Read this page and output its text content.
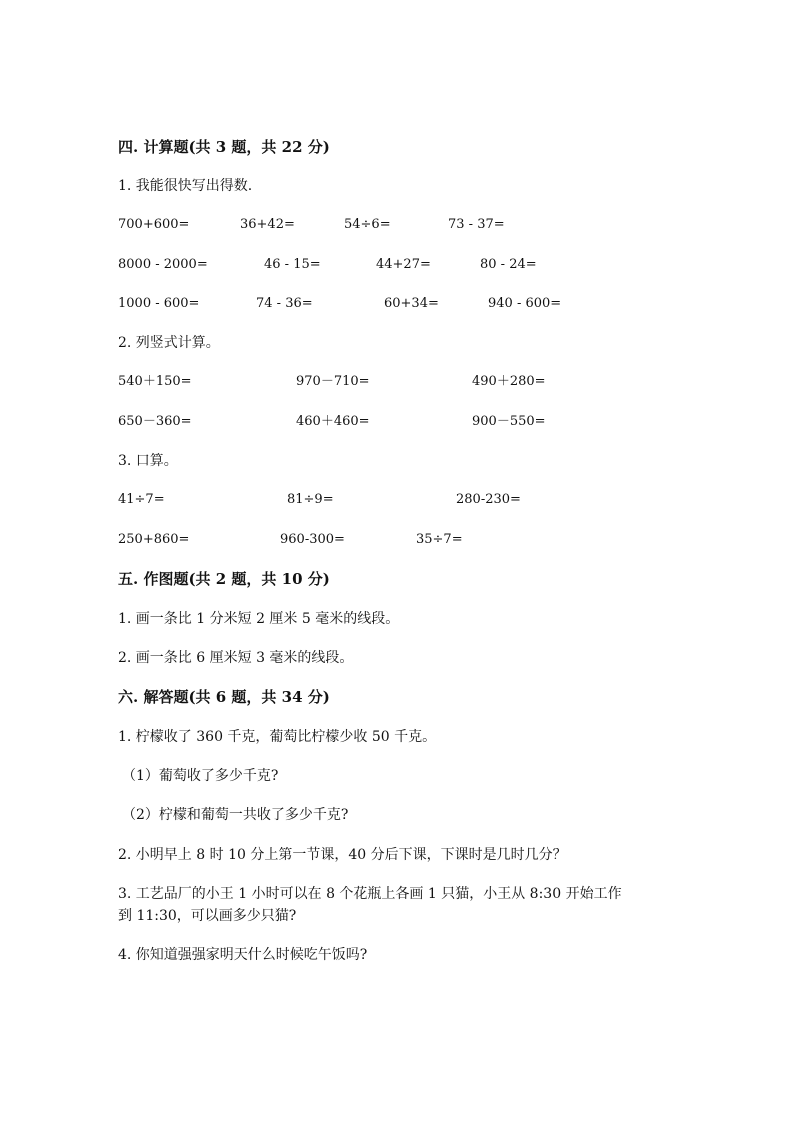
四. 计算题(共 3 题，共 22 分)
1. 我能很快写出得数.
700+600=	36+42=	54÷6=	73 - 37=
8000 - 2000=	46 - 15=	44+27=	80 - 24=
1000 - 600=	74 - 36=	60+34=	940 - 600=
2. 列竖式计算。
540＋150=	970－710=	490＋280=
650－360=	460＋460=	900－550=
3. 口算。
41÷7=	81÷9=	280-230=
250+860=	960-300=	35÷7=
五. 作图题(共 2 题，共 10 分)
1. 画一条比 1 分米短 2 厘米 5 毫米的线段。
2. 画一条比 6 厘米短 3 毫米的线段。
六. 解答题(共 6 题，共 34 分)
1. 柠檬收了 360 千克，葡萄比柠檬少收 50 千克。
（1）葡萄收了多少千克?
（2）柠檬和葡萄一共收了多少千克?
2. 小明早上 8 时 10 分上第一节课，40 分后下课，下课时是几时几分？
3. 工艺品厂的小王 1 小时可以在 8 个花瓶上各画 1 只猫，小王从 8:30 开始工作
到 11:30，可以画多少只猫?
4. 你知道强强家明天什么时候吃午饭吗?
